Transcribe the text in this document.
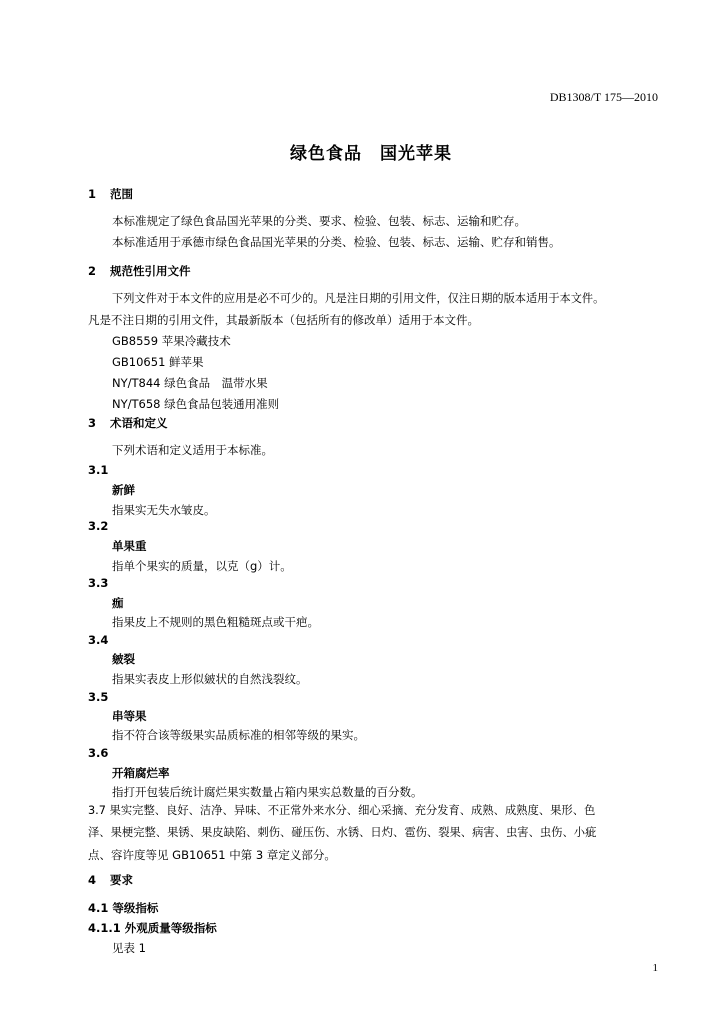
DB1308/T 175—2010
绿色食品　国光苹果
1 范围
本标准规定了绿色食品国光苹果的分类、要求、检验、包装、标志、运输和贮存。
本标准适用于承德市绿色食品国光苹果的分类、检验、包装、标志、运输、贮存和销售。
2 规范性引用文件
下列文件对于本文件的应用是必不可少的。凡是注日期的引用文件，仅注日期的版本适用于本文件。
凡是不注日期的引用文件，其最新版本（包括所有的修改单）适用于本文件。
GB8559 苹果冷藏技术
GB10651 鲜苹果
NY/T844 绿色食品　温带水果
NY/T658 绿色食品包装通用准则
3 术语和定义
下列术语和定义适用于本标准。
3.1
新鲜
指果实无失水皱皮。
3.2
单果重
指单个果实的质量，以克（g）计。
3.3
痂
指果皮上不规则的黑色粗糙斑点或干疤。
3.4
皴裂
指果实表皮上形似皴状的自然浅裂纹。
3.5
串等果
指不符合该等级果实品质标准的相邻等级的果实。
3.6
开箱腐烂率
指打开包装后统计腐烂果实数量占箱内果实总数量的百分数。
3.7 果实完整、良好、洁净、异味、不正常外来水分、细心采摘、充分发育、成熟、成熟度、果形、色
泽、果梗完整、果锈、果皮缺陷、刺伤、碰压伤、水锈、日灼、雹伤、裂果、病害、虫害、虫伤、小疵
点、容许度等见 GB10651 中第 3 章定义部分。
4 要求
4.1 等级指标
4.1.1 外观质量等级指标
见表 1
1
